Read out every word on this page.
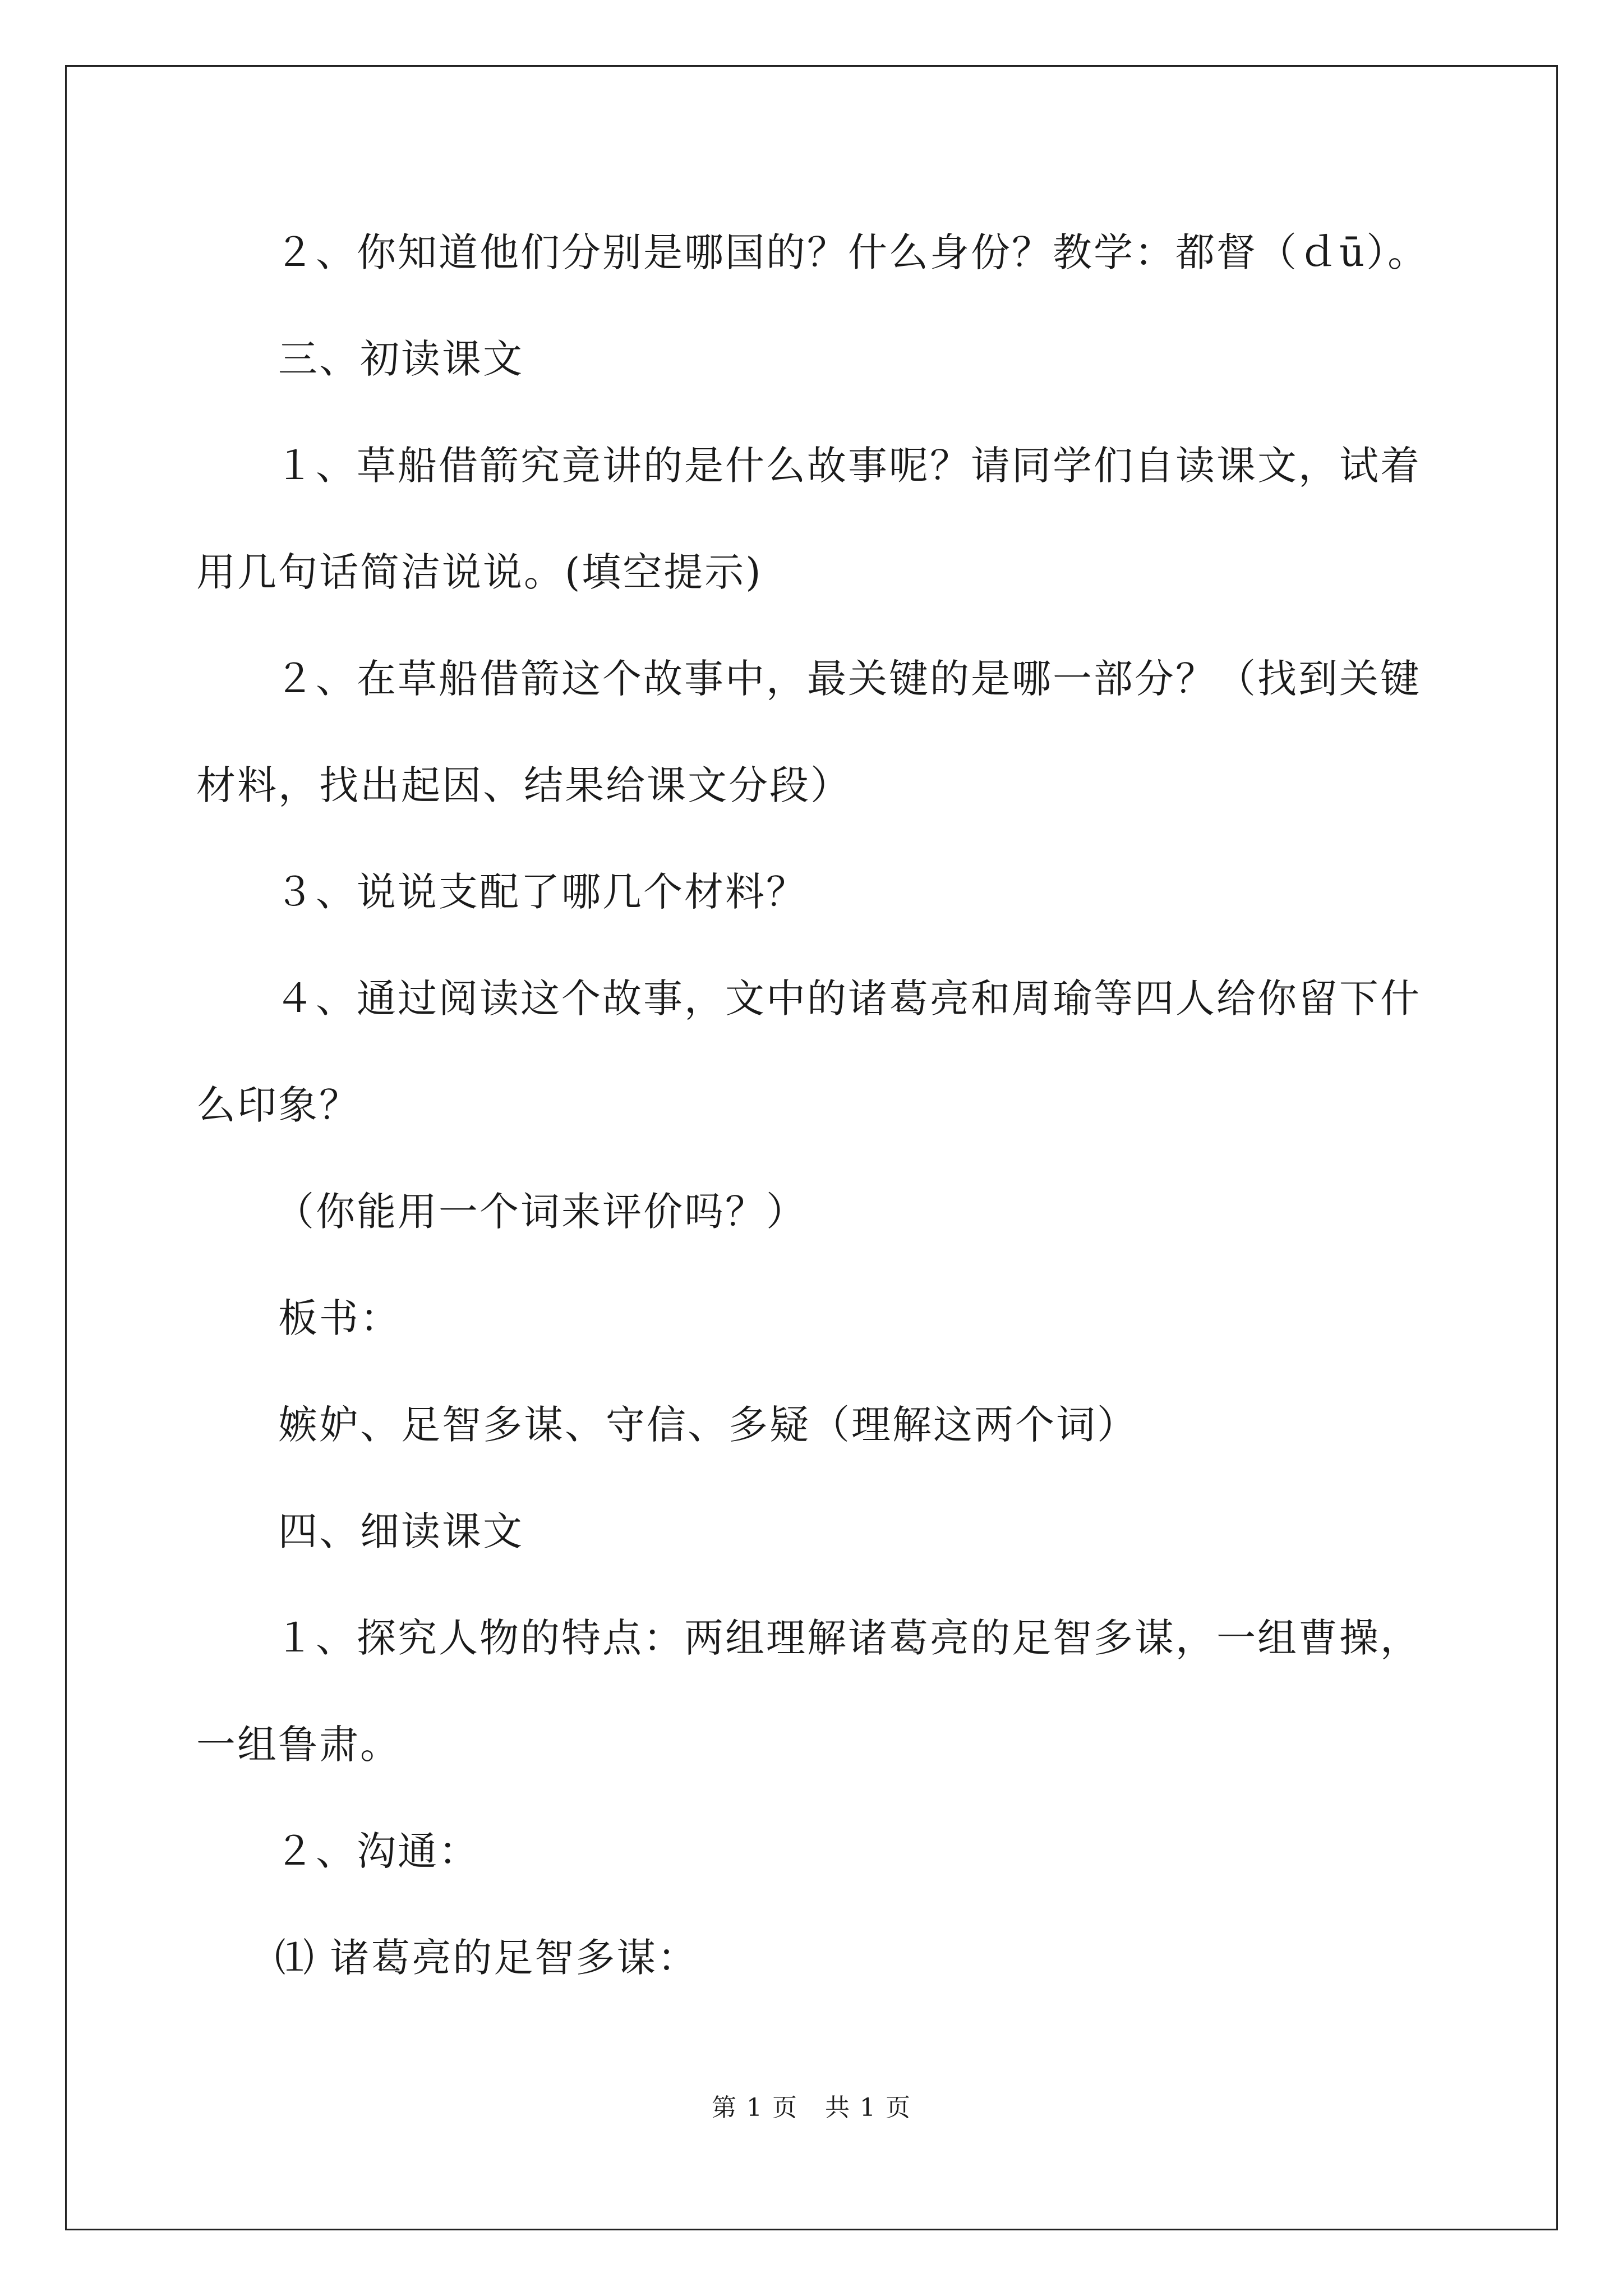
２、你知道他们分别是哪国的？什么身份？教学：都督（ｄū）。
三、初读课文
１、草船借箭究竟讲的是什么故事呢？请同学们自读课文，试着
用几句话简洁说说。(填空提示)
２、在草船借箭这个故事中，最关键的是哪一部分？（找到关键
材料，找出起因、结果给课文分段）
３、说说支配了哪几个材料？
４、通过阅读这个故事，文中的诸葛亮和周瑜等四人给你留下什
么印象？
（你能用一个词来评价吗？）
板书：
嫉妒、足智多谋、守信、多疑（理解这两个词）
四、细读课文
１、探究人物的特点：两组理解诸葛亮的足智多谋，一组曹操，
一组鲁肃。
２、沟通：
⑴ 诸葛亮的足智多谋：
第 1 页   共 1 页
